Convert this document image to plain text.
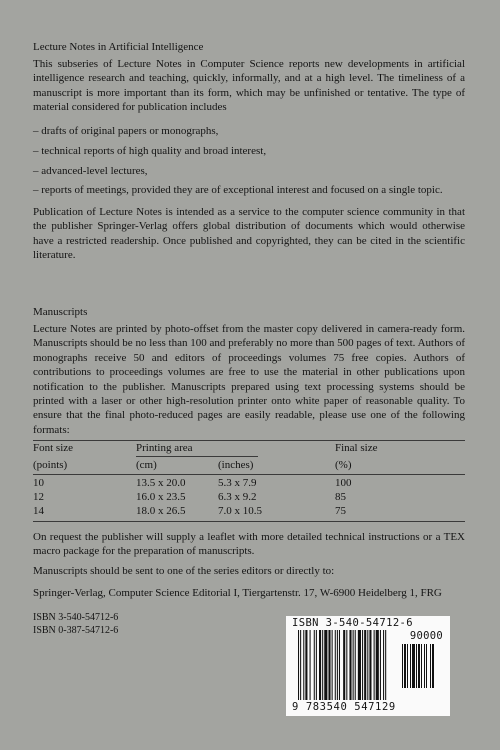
Lecture Notes in Artificial Intelligence

This subseries of Lecture Notes in Computer Science reports new developments in artificial intelligence research and teaching, quickly, informally, and at a high level. The timeliness of a manuscript is more important than its form, which may be unfinished or tentative. The type of material considered for publication includes

– drafts of original papers or monographs,

– technical reports of high quality and broad interest,

– advanced-level lectures,

– reports of meetings, provided they are of exceptional interest and focused on a single topic.

Publication of Lecture Notes is intended as a service to the computer science community in that the publisher Springer-Verlag offers global distribution of documents which would otherwise have a restricted readership. Once published and copyrighted, they can be cited in the scientific literature.

Manuscripts

Lecture Notes are printed by photo-offset from the master copy delivered in camera-ready form. Manuscripts should be no less than 100 and preferably no more than 500 pages of text. Authors of monographs receive 50 and editors of proceedings volumes 75 free copies. Authors of contributions to proceedings volumes are free to use the material in other publications upon notification to the publisher. Manuscripts prepared using text processing systems should be printed with a laser or other high-resolution printer onto white paper of reasonable quality. To ensure that the final photo-reduced pages are easily readable, please use one of the following formats:

Font size	Printing area	Final size
(points)	(cm)	(inches)	(%)
10	13.5 x 20.0	5.3 x 7.9	100
12	16.0 x 23.5	6.3 x 9.2	85
14	18.0 x 26.5	7.0 x 10.5	75

On request the publisher will supply a leaflet with more detailed technical instructions or a TEX macro package for the preparation of manuscripts.

Manuscripts should be sent to one of the series editors or directly to:

Springer-Verlag, Computer Science Editorial I, Tiergartenstr. 17, W-6900 Heidelberg 1, FRG

ISBN 3-540-54712-6
ISBN 0-387-54712-6
ISBN 3-540-54712-6
90000
9 783540 547129
